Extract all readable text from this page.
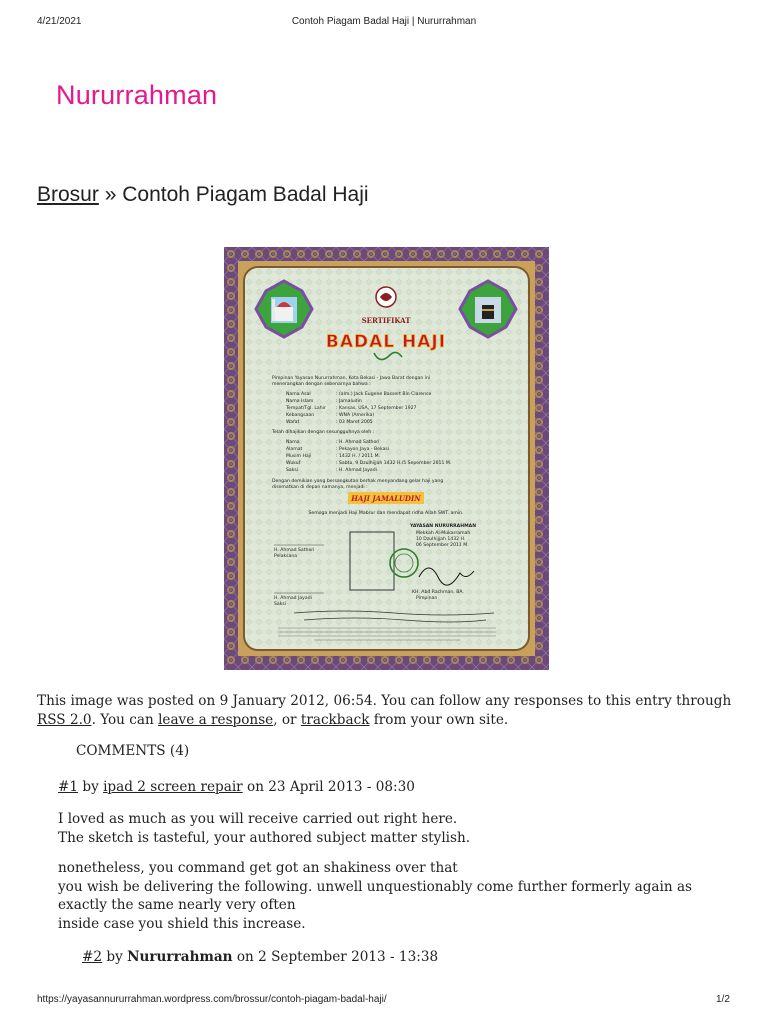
4/21/2021	Contoh Piagam Badal Haji | Nururrahman
Nururrahman
Brosur » Contoh Piagam Badal Haji
SERTIFIKAT
BADAL HAJI
Pimpinan Yayasan Nururrahman, Kota Bekasi - Jawa Barat dengan ini
menerangkan dengan sebenarnya bahwa :
Nama Asal	: (alm.) Jack Eugene Bassert Bin Clarence
Nama Islam	: Jamaludin
Tempat/Tgl. Lahir : Kansas, USA, 17 September 1927
Kebangsaan	: WNA (Amerika)
Wafat	: 03 Maret 2005
Telah dihajikan dengan sesungguhnya oleh :
Nama	: H. Ahmad Sathori
Alamat	: Pekayon Jaya - Bekasi
Musim Haji	: 1432 H. / 2011 M.
Wukuf	: Sabtu, 9 Dzulhijjah 1432 H./5 Sepember 2011 M.
Saksi	: H. Ahmad Jayadi
Dengan demikian yang bersangkutan berhak menyandang gelar haji yang
disematkan di depan namanya, menjadi :
HAJI JAMALUDIN
Semoga menjadi Haji Mabrur dan mendapat ridha Allah SWT. amin.
YAYASAN NURURRAHMAN
Mekkah Al-Mukarramah
10 Dzulhijjah 1432 H.
06 September 2011 M.
H. Ahmad Sathori
Pelaksana
H. Ahmad Jayadi
Saksi
KH. Abd Rachman, BA.
Pimpinan
This image was posted on 9 January 2012, 06:54. You can follow any responses to this entry through
RSS 2.0. You can leave a response, or trackback from your own site.
COMMENTS (4)
#1 by ipad 2 screen repair on 23 April 2013 - 08:30

I loved as much as you will receive carried out right here.
The sketch is tasteful, your authored subject matter stylish.

nonetheless, you command get got an shakiness over that
you wish be delivering the following. unwell unquestionably come further formerly again as
exactly the same nearly very often
inside case you shield this increase.

#2 by Nururrahman on 2 September 2013 - 13:38
https://yayasannururrahman.wordpress.com/brossur/contoh-piagam-badal-haji/	1/2
